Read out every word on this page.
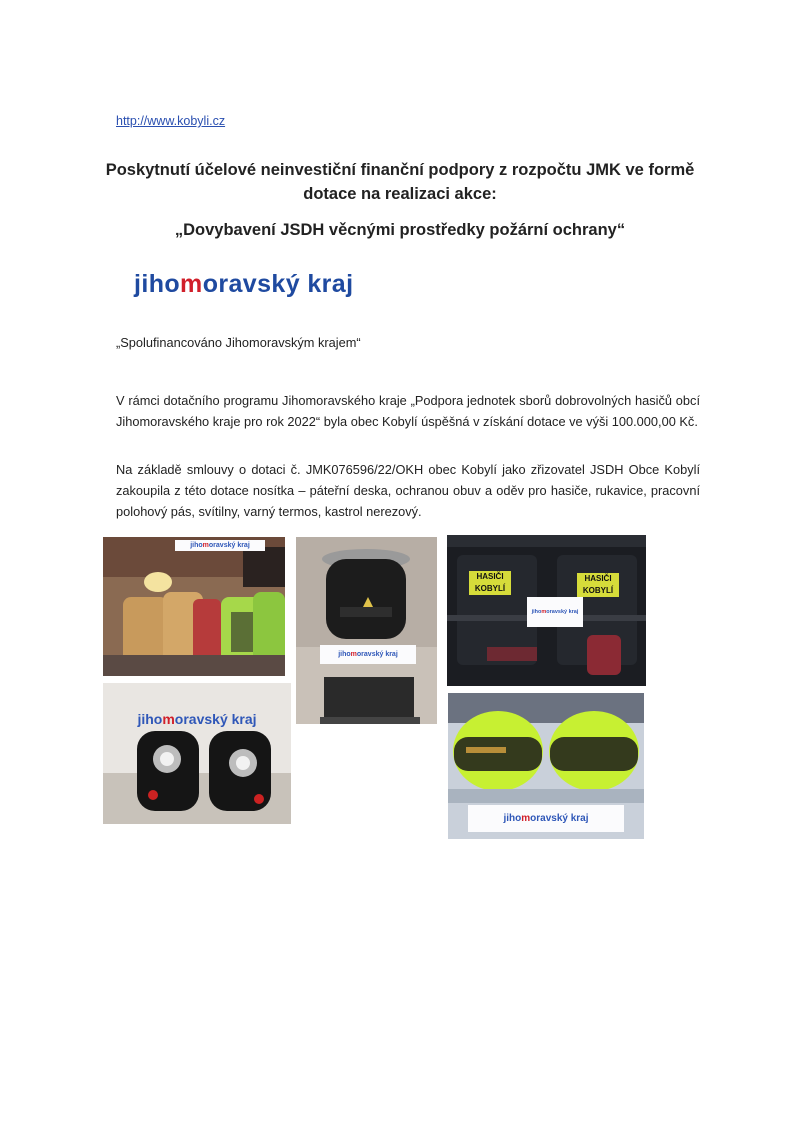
http://www.kobyli.cz
Poskytnutí účelové neinvestiční finanční podpory z rozpočtu JMK ve formě dotace na realizaci akce:
„Dovybavení JSDH věcnými prostředky požární ochrany“
jihomoravský kraj
„Spolufinancováno Jihomoravským krajem“
V rámci dotačního programu Jihomoravského kraje „Podpora jednotek sborů dobrovolných hasičů obcí Jihomoravského kraje pro rok 2022“ byla obec Kobylí úspěšná v získání dotace ve výši 100.000,00 Kč.
Na základě smlouvy o dotaci č. JMK076596/22/OKH obec Kobylí jako zřizovatel JSDH Obce Kobylí zakoupila z této dotace nosítka – páteřní deska, ochranou obuv a oděv pro hasiče, rukavice, pracovní polohový pás, svítilny, varný termos, kastrol nerezový.
jihomoravský kraj
jihomoravský kraj
HASIČI
KOBYLÍ
HASIČI
KOBYLÍ
jihomoravský kraj
jihomoravský kraj
jihomoravský kraj
